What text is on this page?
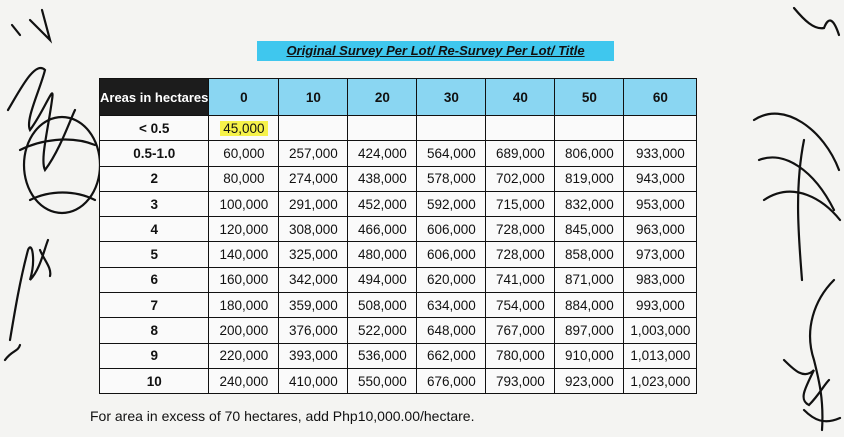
Original Survey Per Lot/ Re-Survey Per Lot/ Title
Areas in hectares	0	10	20	30	40	50	60
< 0.5	45,000						
0.5-1.0	60,000	257,000	424,000	564,000	689,000	806,000	933,000
2	80,000	274,000	438,000	578,000	702,000	819,000	943,000
3	100,000	291,000	452,000	592,000	715,000	832,000	953,000
4	120,000	308,000	466,000	606,000	728,000	845,000	963,000
5	140,000	325,000	480,000	606,000	728,000	858,000	973,000
6	160,000	342,000	494,000	620,000	741,000	871,000	983,000
7	180,000	359,000	508,000	634,000	754,000	884,000	993,000
8	200,000	376,000	522,000	648,000	767,000	897,000	1,003,000
9	220,000	393,000	536,000	662,000	780,000	910,000	1,013,000
10	240,000	410,000	550,000	676,000	793,000	923,000	1,023,000
For area in excess of 70 hectares, add Php10,000.00/hectare.
